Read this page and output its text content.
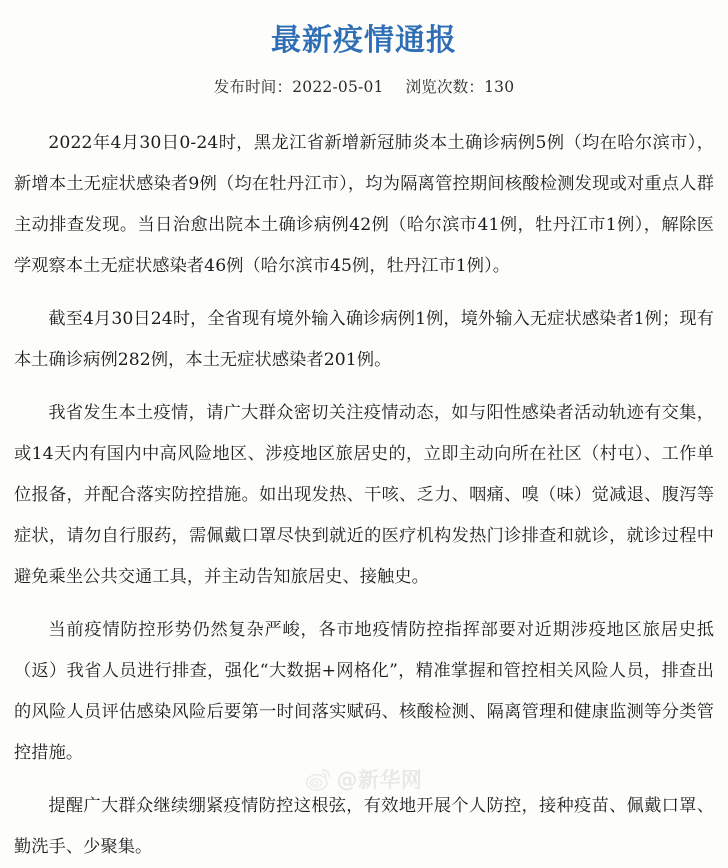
最新疫情通报
发布时间：2022-05-01 浏览次数：130

2022年4月30日0-24时，黑龙江省新增新冠肺炎本土确诊病例5例（均在哈尔滨市），新增本土无症状感染者9例（均在牡丹江市），均为隔离管控期间核酸检测发现或对重点人群主动排查发现。当日治愈出院本土确诊病例42例（哈尔滨市41例，牡丹江市1例），解除医学观察本土无症状感染者46例（哈尔滨市45例，牡丹江市1例）。

截至4月30日24时，全省现有境外输入确诊病例1例，境外输入无症状感染者1例；现有本土确诊病例282例，本土无症状感染者201例。

我省发生本土疫情，请广大群众密切关注疫情动态，如与阳性感染者活动轨迹有交集，或14天内有国内中高风险地区、涉疫地区旅居史的，立即主动向所在社区（村屯）、工作单位报备，并配合落实防控措施。如出现发热、干咳、乏力、咽痛、嗅（味）觉减退、腹泻等症状，请勿自行服药，需佩戴口罩尽快到就近的医疗机构发热门诊排查和就诊，就诊过程中避免乘坐公共交通工具，并主动告知旅居史、接触史。

当前疫情防控形势仍然复杂严峻，各市地疫情防控指挥部要对近期涉疫地区旅居史抵（返）我省人员进行排查，强化“大数据+网格化”，精准掌握和管控相关风险人员，排查出的风险人员评估感染风险后要第一时间落实赋码、核酸检测、隔离管理和健康监测等分类管控措施。

提醒广大群众继续绷紧疫情防控这根弦，有效地开展个人防控，接种疫苗、佩戴口罩、勤洗手、少聚集。

@新华网
